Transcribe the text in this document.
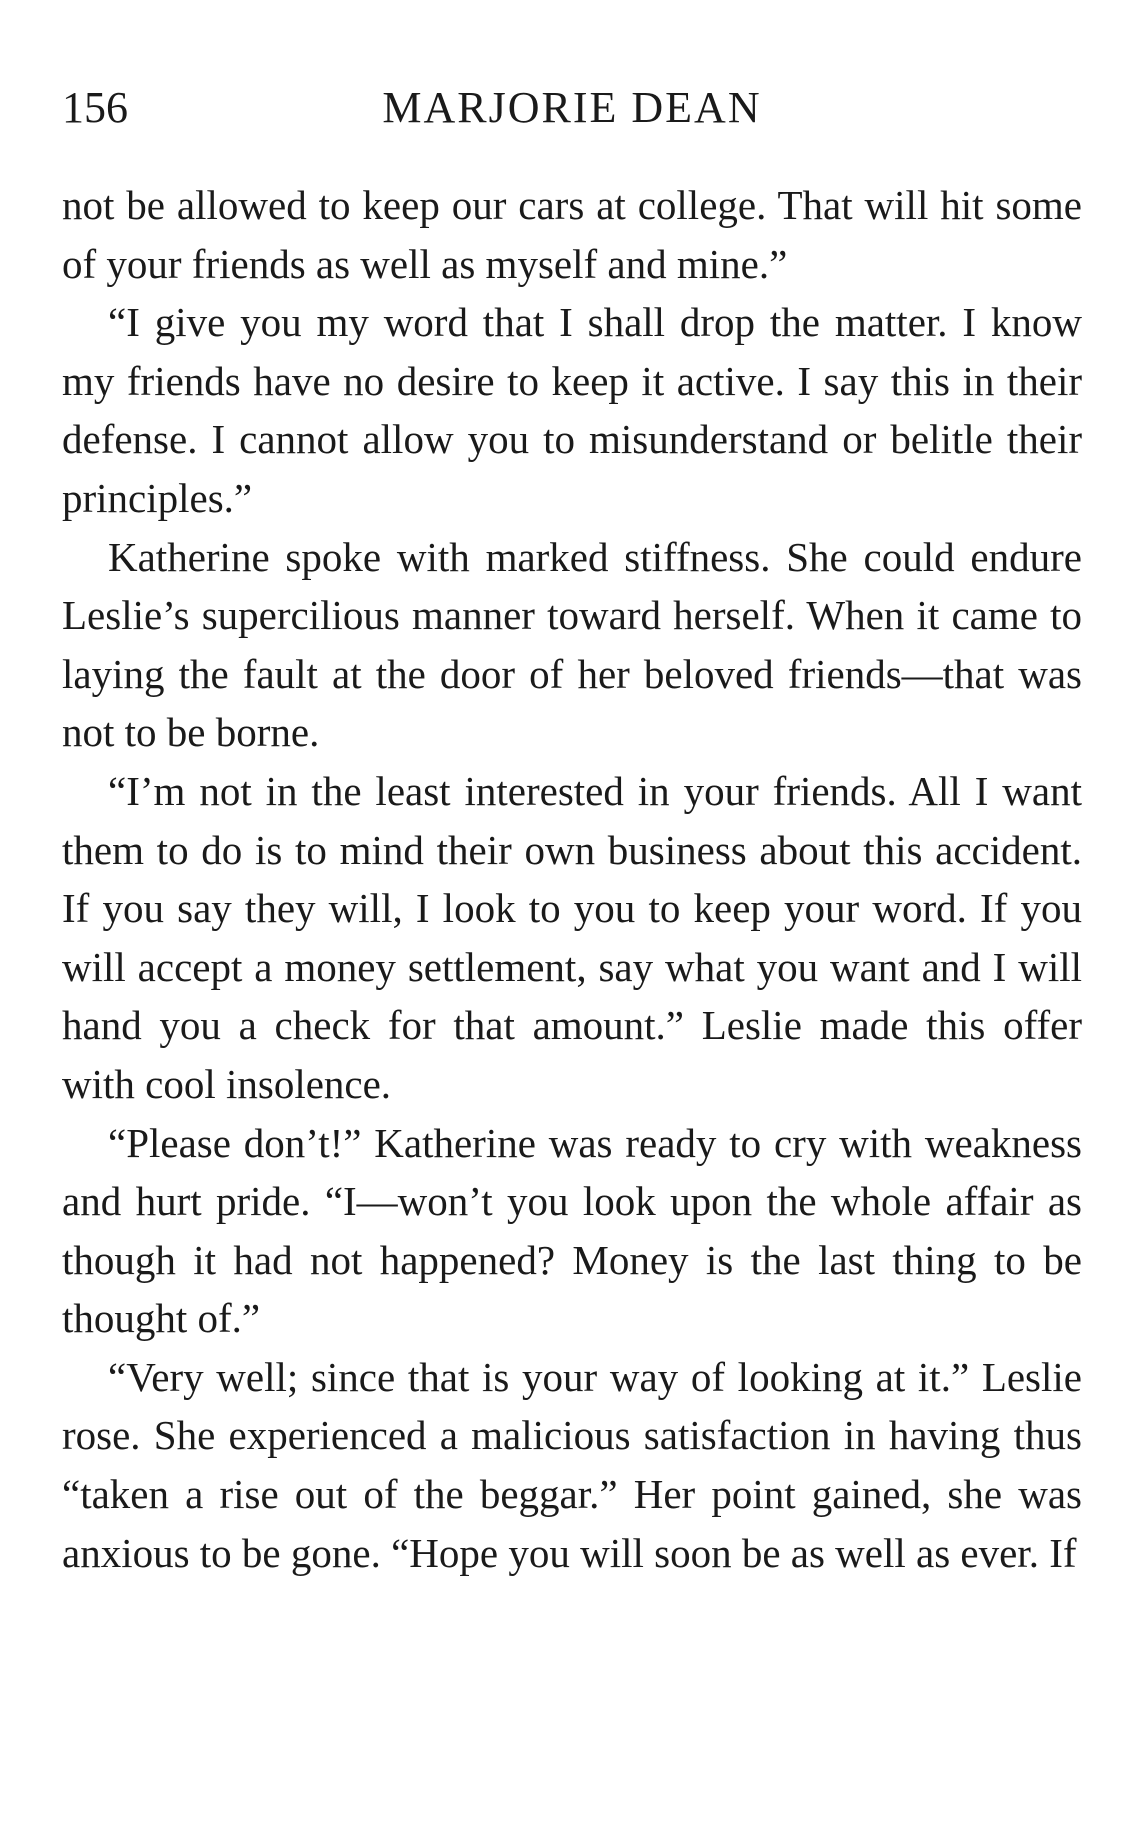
156	MARJORIE DEAN

not be allowed to keep our cars at college. That will hit some of your friends as well as myself and mine.”

“I give you my word that I shall drop the matter. I know my friends have no desire to keep it active. I say this in their defense. I cannot allow you to misunderstand or belitle their principles.”

Katherine spoke with marked stiffness. She could endure Leslie’s supercilious manner toward herself. When it came to laying the fault at the door of her beloved friends—that was not to be borne.

“I’m not in the least interested in your friends. All I want them to do is to mind their own business about this accident. If you say they will, I look to you to keep your word. If you will accept a money settlement, say what you want and I will hand you a check for that amount.” Leslie made this offer with cool insolence.

“Please don’t!” Katherine was ready to cry with weakness and hurt pride. “I—won’t you look upon the whole affair as though it had not happened? Money is the last thing to be thought of.”

“Very well; since that is your way of looking at it.” Leslie rose. She experienced a malicious satisfaction in having thus “taken a rise out of the beggar.” Her point gained, she was anxious to be gone. “Hope you will soon be as well as ever. If
